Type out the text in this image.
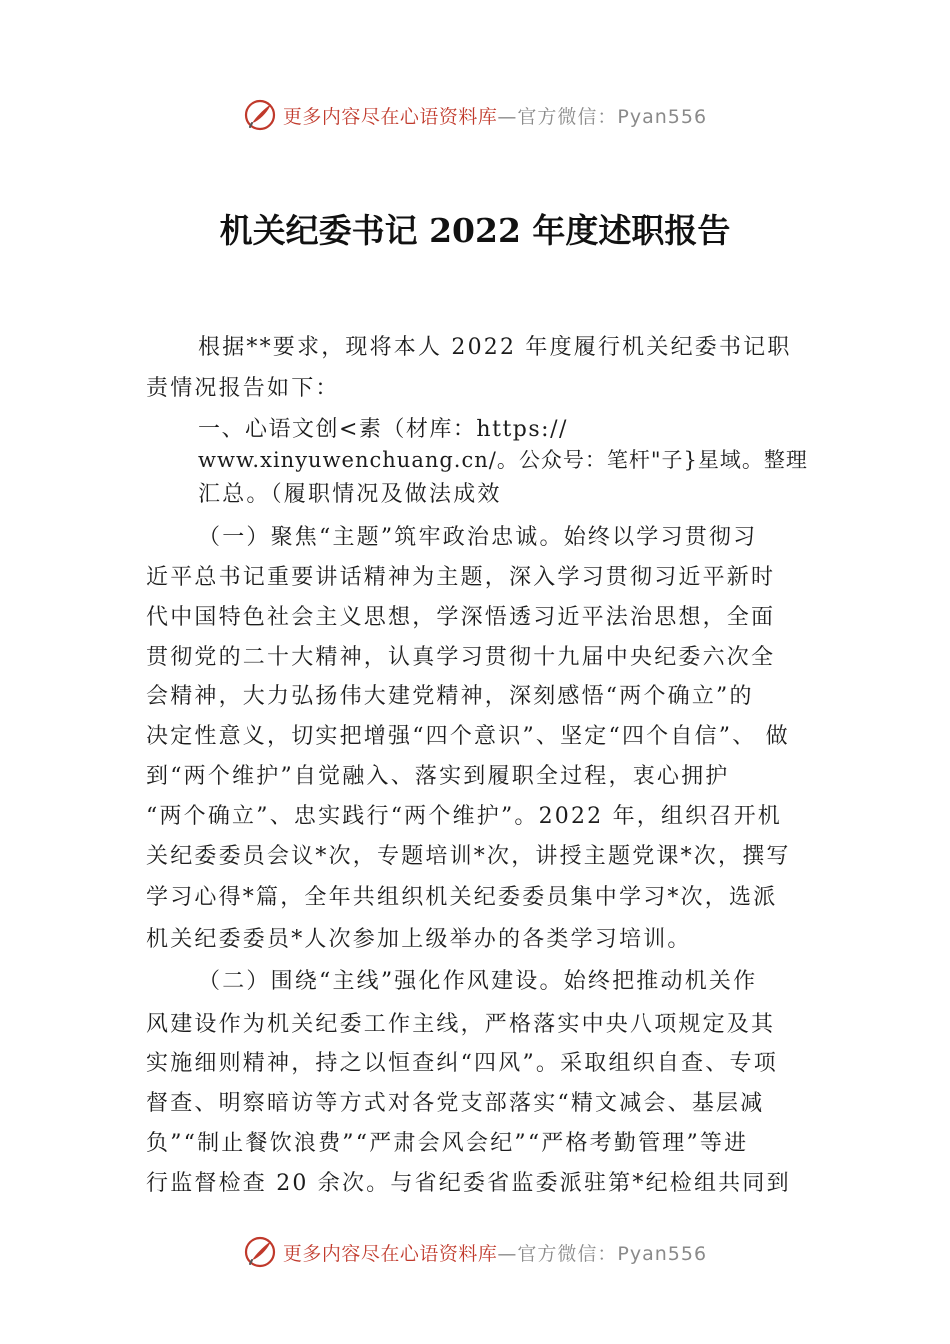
更多内容尽在心语资料库 —官方微信：Pyan556
机关纪委书记 2022 年度述职报告
根据**要求，现将本人 2022 年度履行机关纪委书记职
责情况报告如下：
一、心语文创<素（材库：https://
www.xinyuwenchuang.cn/。公众号：笔杆"子}星域。整理
汇总。（履职情况及做法成效
（一）聚焦“主题”筑牢政治忠诚。始终以学习贯彻习
近平总书记重要讲话精神为主题，深入学习贯彻习近平新时
代中国特色社会主义思想，学深悟透习近平法治思想，全面
贯彻党的二十大精神，认真学习贯彻十九届中央纪委六次全
会精神，大力弘扬伟大建党精神，深刻感悟“两个确立”的
决定性意义，切实把增强“四个意识”、坚定“四个自信”、 做
到“两个维护”自觉融入、落实到履职全过程，衷心拥护
“两个确立”、忠实践行“两个维护”。2022 年，组织召开机
关纪委委员会议*次，专题培训*次，讲授主题党课*次，撰写
学习心得*篇，全年共组织机关纪委委员集中学习*次，选派
机关纪委委员*人次参加上级举办的各类学习培训。
（二）围绕“主线”强化作风建设。始终把推动机关作
风建设作为机关纪委工作主线，严格落实中央八项规定及其
实施细则精神，持之以恒查纠“四风”。采取组织自查、专项
督查、明察暗访等方式对各党支部落实“精文减会、基层减
负”“制止餐饮浪费”“严肃会风会纪”“严格考勤管理”等进
行监督检查 20 余次。与省纪委省监委派驻第*纪检组共同到
更多内容尽在心语资料库 —官方微信：Pyan556
